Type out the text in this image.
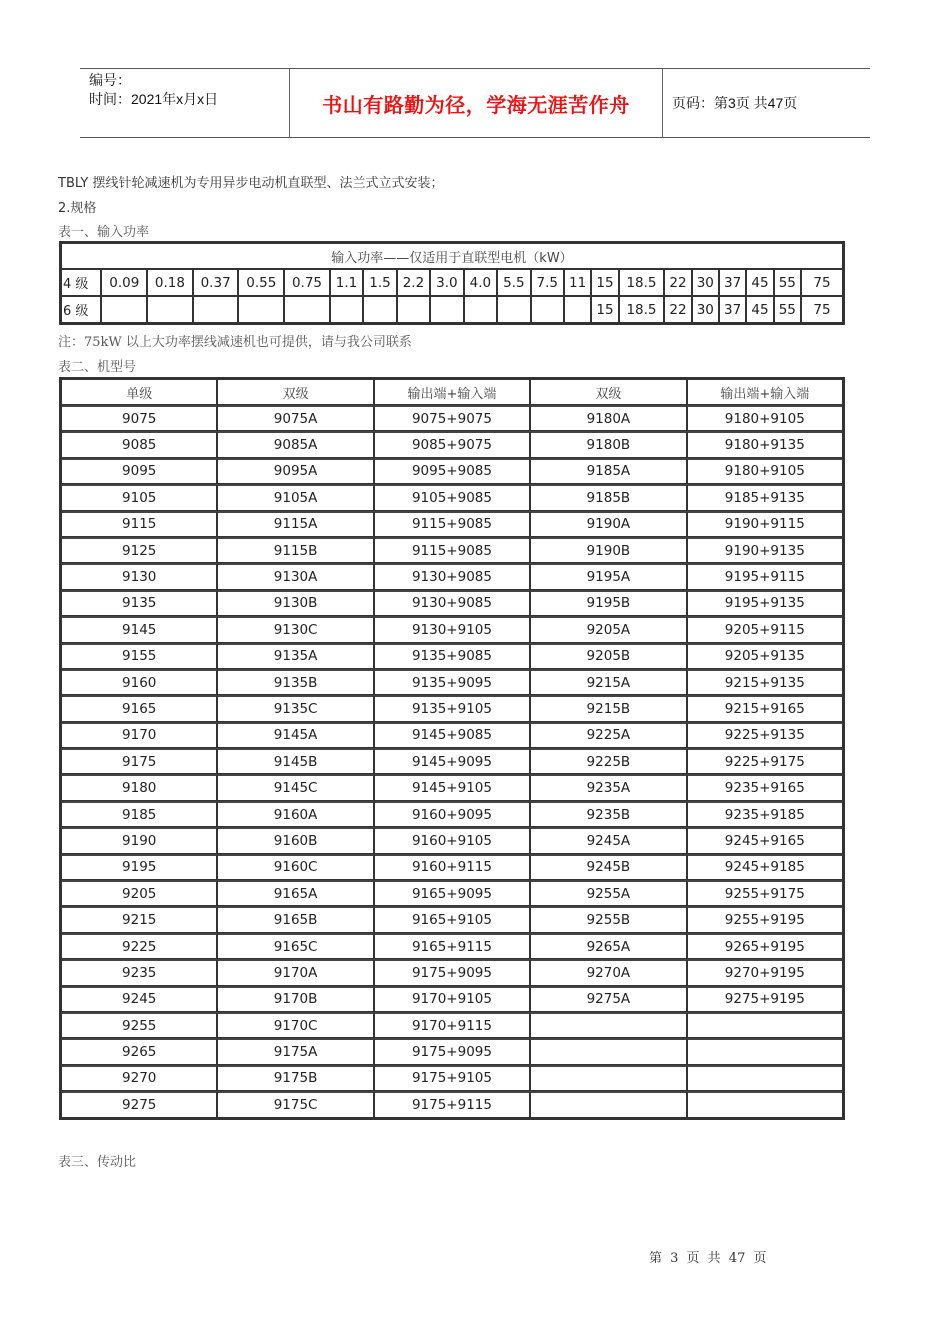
编号：
时间：2021年x月x日	书山有路勤为径，学海无涯苦作舟	页码：第3页 共47页
TBLY 摆线针轮减速机为专用异步电动机直联型、法兰式立式安装；
2.规格
表一、输入功率
输入功率——仅适用于直联型电机（kW）																					
4 级	0.09	0.18	0.37	0.55	0.75	1.1	1.5	2.2	3.0	4.0	5.5	7.5	11	15	18.5	22	30	37	45	55	75
6 级														15	18.5	22	30	37	45	55	75
注：75kW 以上大功率摆线减速机也可提供，请与我公司联系
表二、机型号
单级	双级	输出端+输入端	双级	输出端+输入端
9075	9075A	9075+9075	9180A	9180+9105
9085	9085A	9085+9075	9180B	9180+9135
9095	9095A	9095+9085	9185A	9180+9105
9105	9105A	9105+9085	9185B	9185+9135
9115	9115A	9115+9085	9190A	9190+9115
9125	9115B	9115+9085	9190B	9190+9135
9130	9130A	9130+9085	9195A	9195+9115
9135	9130B	9130+9085	9195B	9195+9135
9145	9130C	9130+9105	9205A	9205+9115
9155	9135A	9135+9085	9205B	9205+9135
9160	9135B	9135+9095	9215A	9215+9135
9165	9135C	9135+9105	9215B	9215+9165
9170	9145A	9145+9085	9225A	9225+9135
9175	9145B	9145+9095	9225B	9225+9175
9180	9145C	9145+9105	9235A	9235+9165
9185	9160A	9160+9095	9235B	9235+9185
9190	9160B	9160+9105	9245A	9245+9165
9195	9160C	9160+9115	9245B	9245+9185
9205	9165A	9165+9095	9255A	9255+9175
9215	9165B	9165+9105	9255B	9255+9195
9225	9165C	9165+9115	9265A	9265+9195
9235	9170A	9175+9095	9270A	9270+9195
9245	9170B	9170+9105	9275A	9275+9195
9255	9170C	9170+9115		
9265	9175A	9175+9095		
9270	9175B	9175+9105		
9275	9175C	9175+9115		
表三、传动比
第 3 页 共 47 页
